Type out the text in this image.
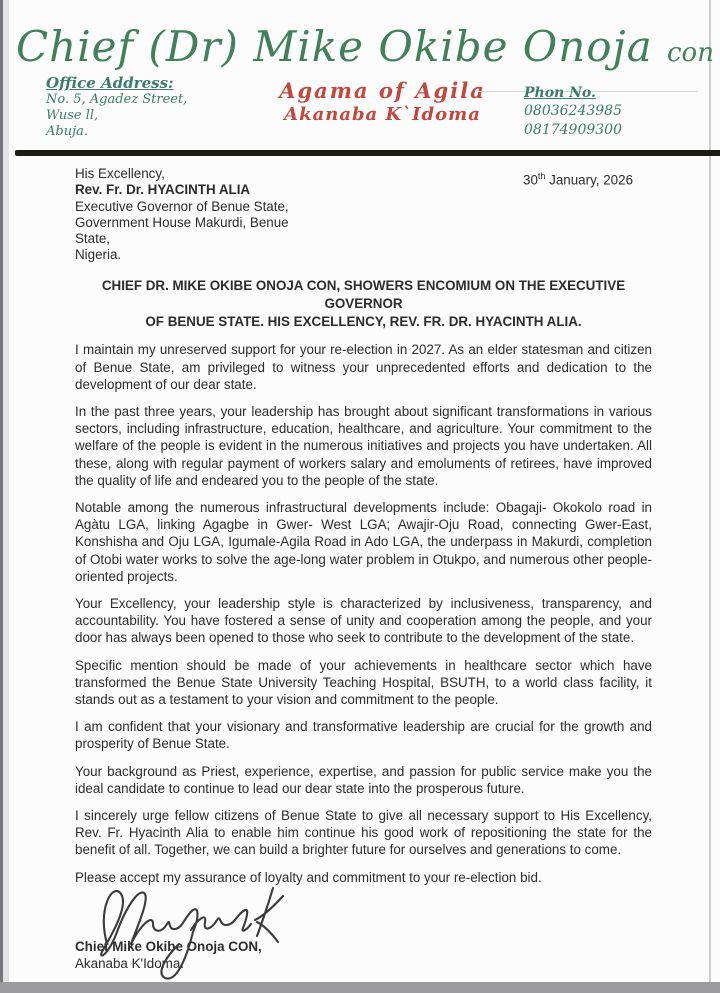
Chief (Dr) Mike Okibe Onoja con
Office Address:
No. 5, Agadez Street,
Wuse ll,
Abuja.
Agama of Agila
Akanaba K`Idoma
Phon No.
08036243985
08174909300
30th January, 2026
His Excellency,
Rev. Fr. Dr. HYACINTH ALIA
Executive Governor of Benue State,
Government House Makurdi, Benue
State,
Nigeria.
CHIEF DR. MIKE OKIBE ONOJA CON, SHOWERS ENCOMIUM ON THE EXECUTIVE GOVERNOR
OF BENUE STATE. HIS EXCELLENCY, REV. FR. DR. HYACINTH ALIA.

I maintain my unreserved support for your re-election in 2027. As an elder statesman and citizen of Benue State, am privileged to witness your unprecedented efforts and dedication to the development of our dear state.

In the past three years, your leadership has brought about significant transformations in various sectors, including infrastructure, education, healthcare, and agriculture. Your commitment to the welfare of the people is evident in the numerous initiatives and projects you have undertaken. All these, along with regular payment of workers salary and emoluments of retirees, have improved the quality of life and endeared you to the people of the state.

Notable among the numerous infrastructural developments include: Obagaji- Okokolo road in Agàtu LGA, linking Agagbe in Gwer- West LGA; Awajir-Oju Road, connecting Gwer-East, Konshisha and Oju LGA, Igumale-Agila Road in Ado LGA, the underpass in Makurdi, completion of Otobi water works to solve the age-long water problem in Otukpo, and numerous other people-oriented projects.

Your Excellency, your leadership style is characterized by inclusiveness, transparency, and accountability. You have fostered a sense of unity and cooperation among the people, and your door has always been opened to those who seek to contribute to the development of the state.

Specific mention should be made of your achievements in healthcare sector which have transformed the Benue State University Teaching Hospital, BSUTH, to a world class facility, it stands out as a testament to your vision and commitment to the people.

I am confident that your visionary and transformative leadership are crucial for the growth and prosperity of Benue State.

Your background as Priest, experience, expertise, and passion for public service make you the ideal candidate to continue to lead our dear state into the prosperous future.

I sincerely urge fellow citizens of Benue State to give all necessary support to His Excellency, Rev. Fr. Hyacinth Alia to enable him continue his good work of repositioning the state for the benefit of all. Together, we can build a brighter future for ourselves and generations to come.

Please accept my assurance of loyalty and commitment to your re-election bid.

Chief Mike Okibe Onoja CON,
Akanaba K'Idoma.
